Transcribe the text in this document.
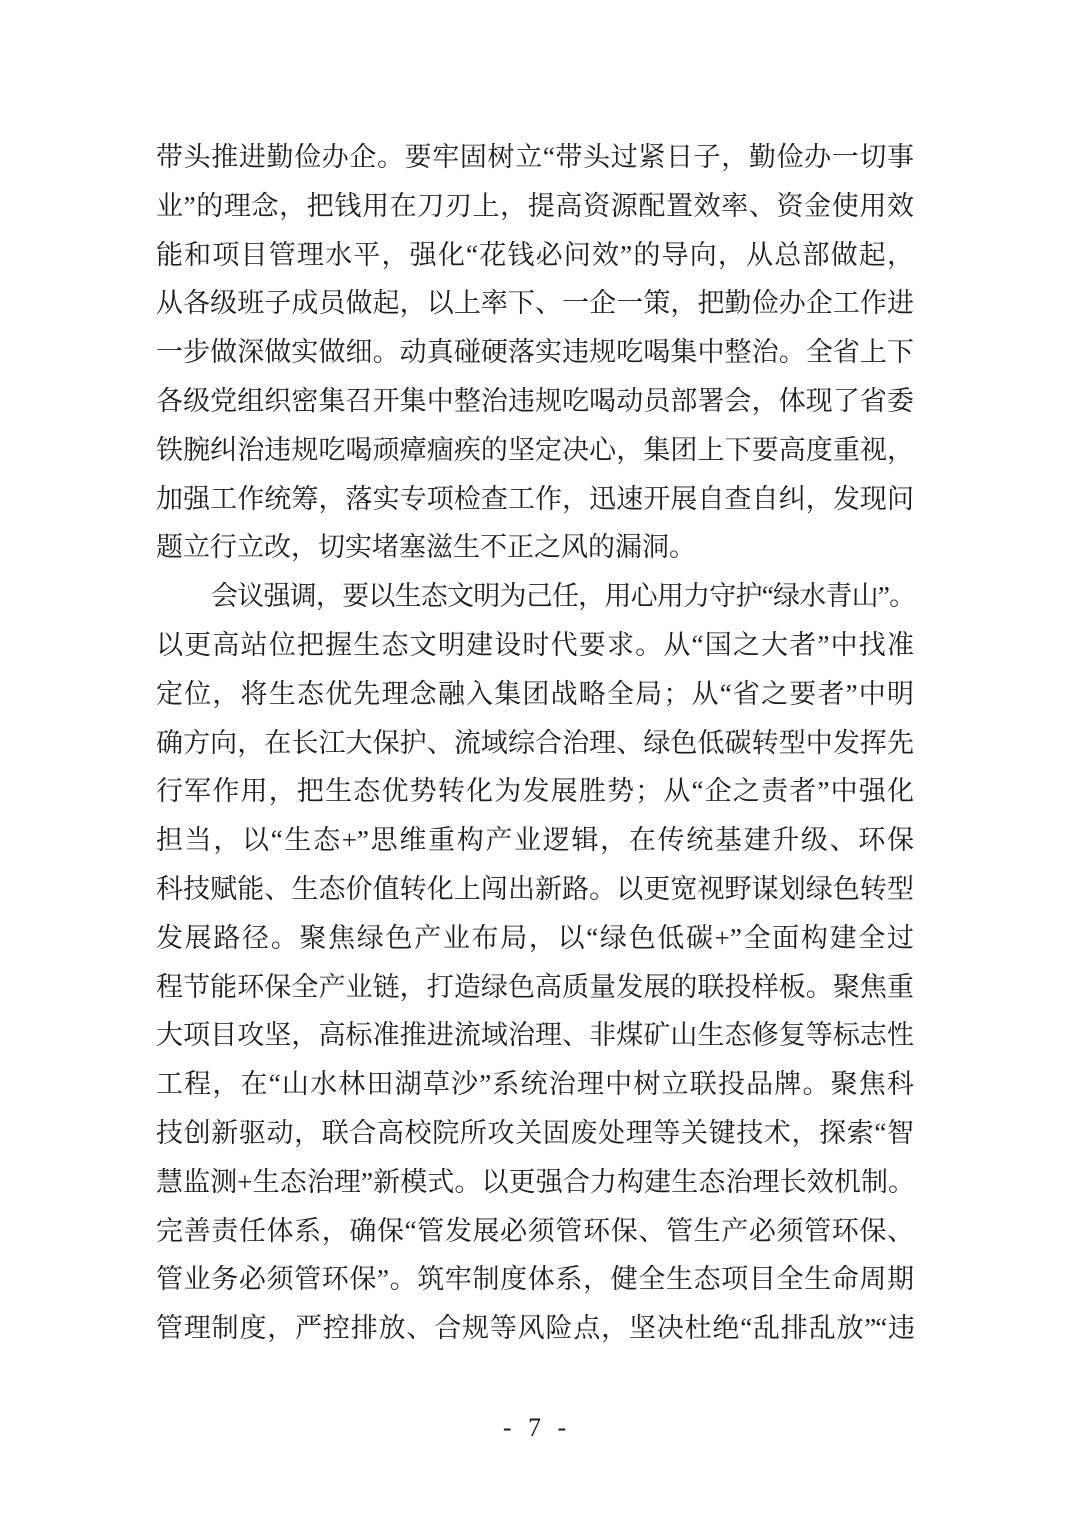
带头推进勤俭办企。要牢固树立“带头过紧日子，勤俭办一切事
业”的理念，把钱用在刀刃上，提高资源配置效率、资金使用效
能和项目管理水平，强化“花钱必问效”的导向，从总部做起，
从各级班子成员做起，以上率下、一企一策，把勤俭办企工作进
一步做深做实做细。动真碰硬落实违规吃喝集中整治。全省上下
各级党组织密集召开集中整治违规吃喝动员部署会，体现了省委
铁腕纠治违规吃喝顽瘴痼疾的坚定决心，集团上下要高度重视，
加强工作统筹，落实专项检查工作，迅速开展自查自纠，发现问
题立行立改，切实堵塞滋生不正之风的漏洞。
会议强调，要以生态文明为己任，用心用力守护“绿水青山”。
以更高站位把握生态文明建设时代要求。从“国之大者”中找准
定位，将生态优先理念融入集团战略全局；从“省之要者”中明
确方向，在长江大保护、流域综合治理、绿色低碳转型中发挥先
行军作用，把生态优势转化为发展胜势；从“企之责者”中强化
担当，以“生态+”思维重构产业逻辑，在传统基建升级、环保
科技赋能、生态价值转化上闯出新路。以更宽视野谋划绿色转型
发展路径。聚焦绿色产业布局，以“绿色低碳+”全面构建全过
程节能环保全产业链，打造绿色高质量发展的联投样板。聚焦重
大项目攻坚，高标准推进流域治理、非煤矿山生态修复等标志性
工程，在“山水林田湖草沙”系统治理中树立联投品牌。聚焦科
技创新驱动，联合高校院所攻关固废处理等关键技术，探索“智
慧监测+生态治理”新模式。以更强合力构建生态治理长效机制。
完善责任体系，确保“管发展必须管环保、管生产必须管环保、
管业务必须管环保”。筑牢制度体系，健全生态项目全生命周期
管理制度，严控排放、合规等风险点，坚决杜绝“乱排乱放”“违
- 7 -
